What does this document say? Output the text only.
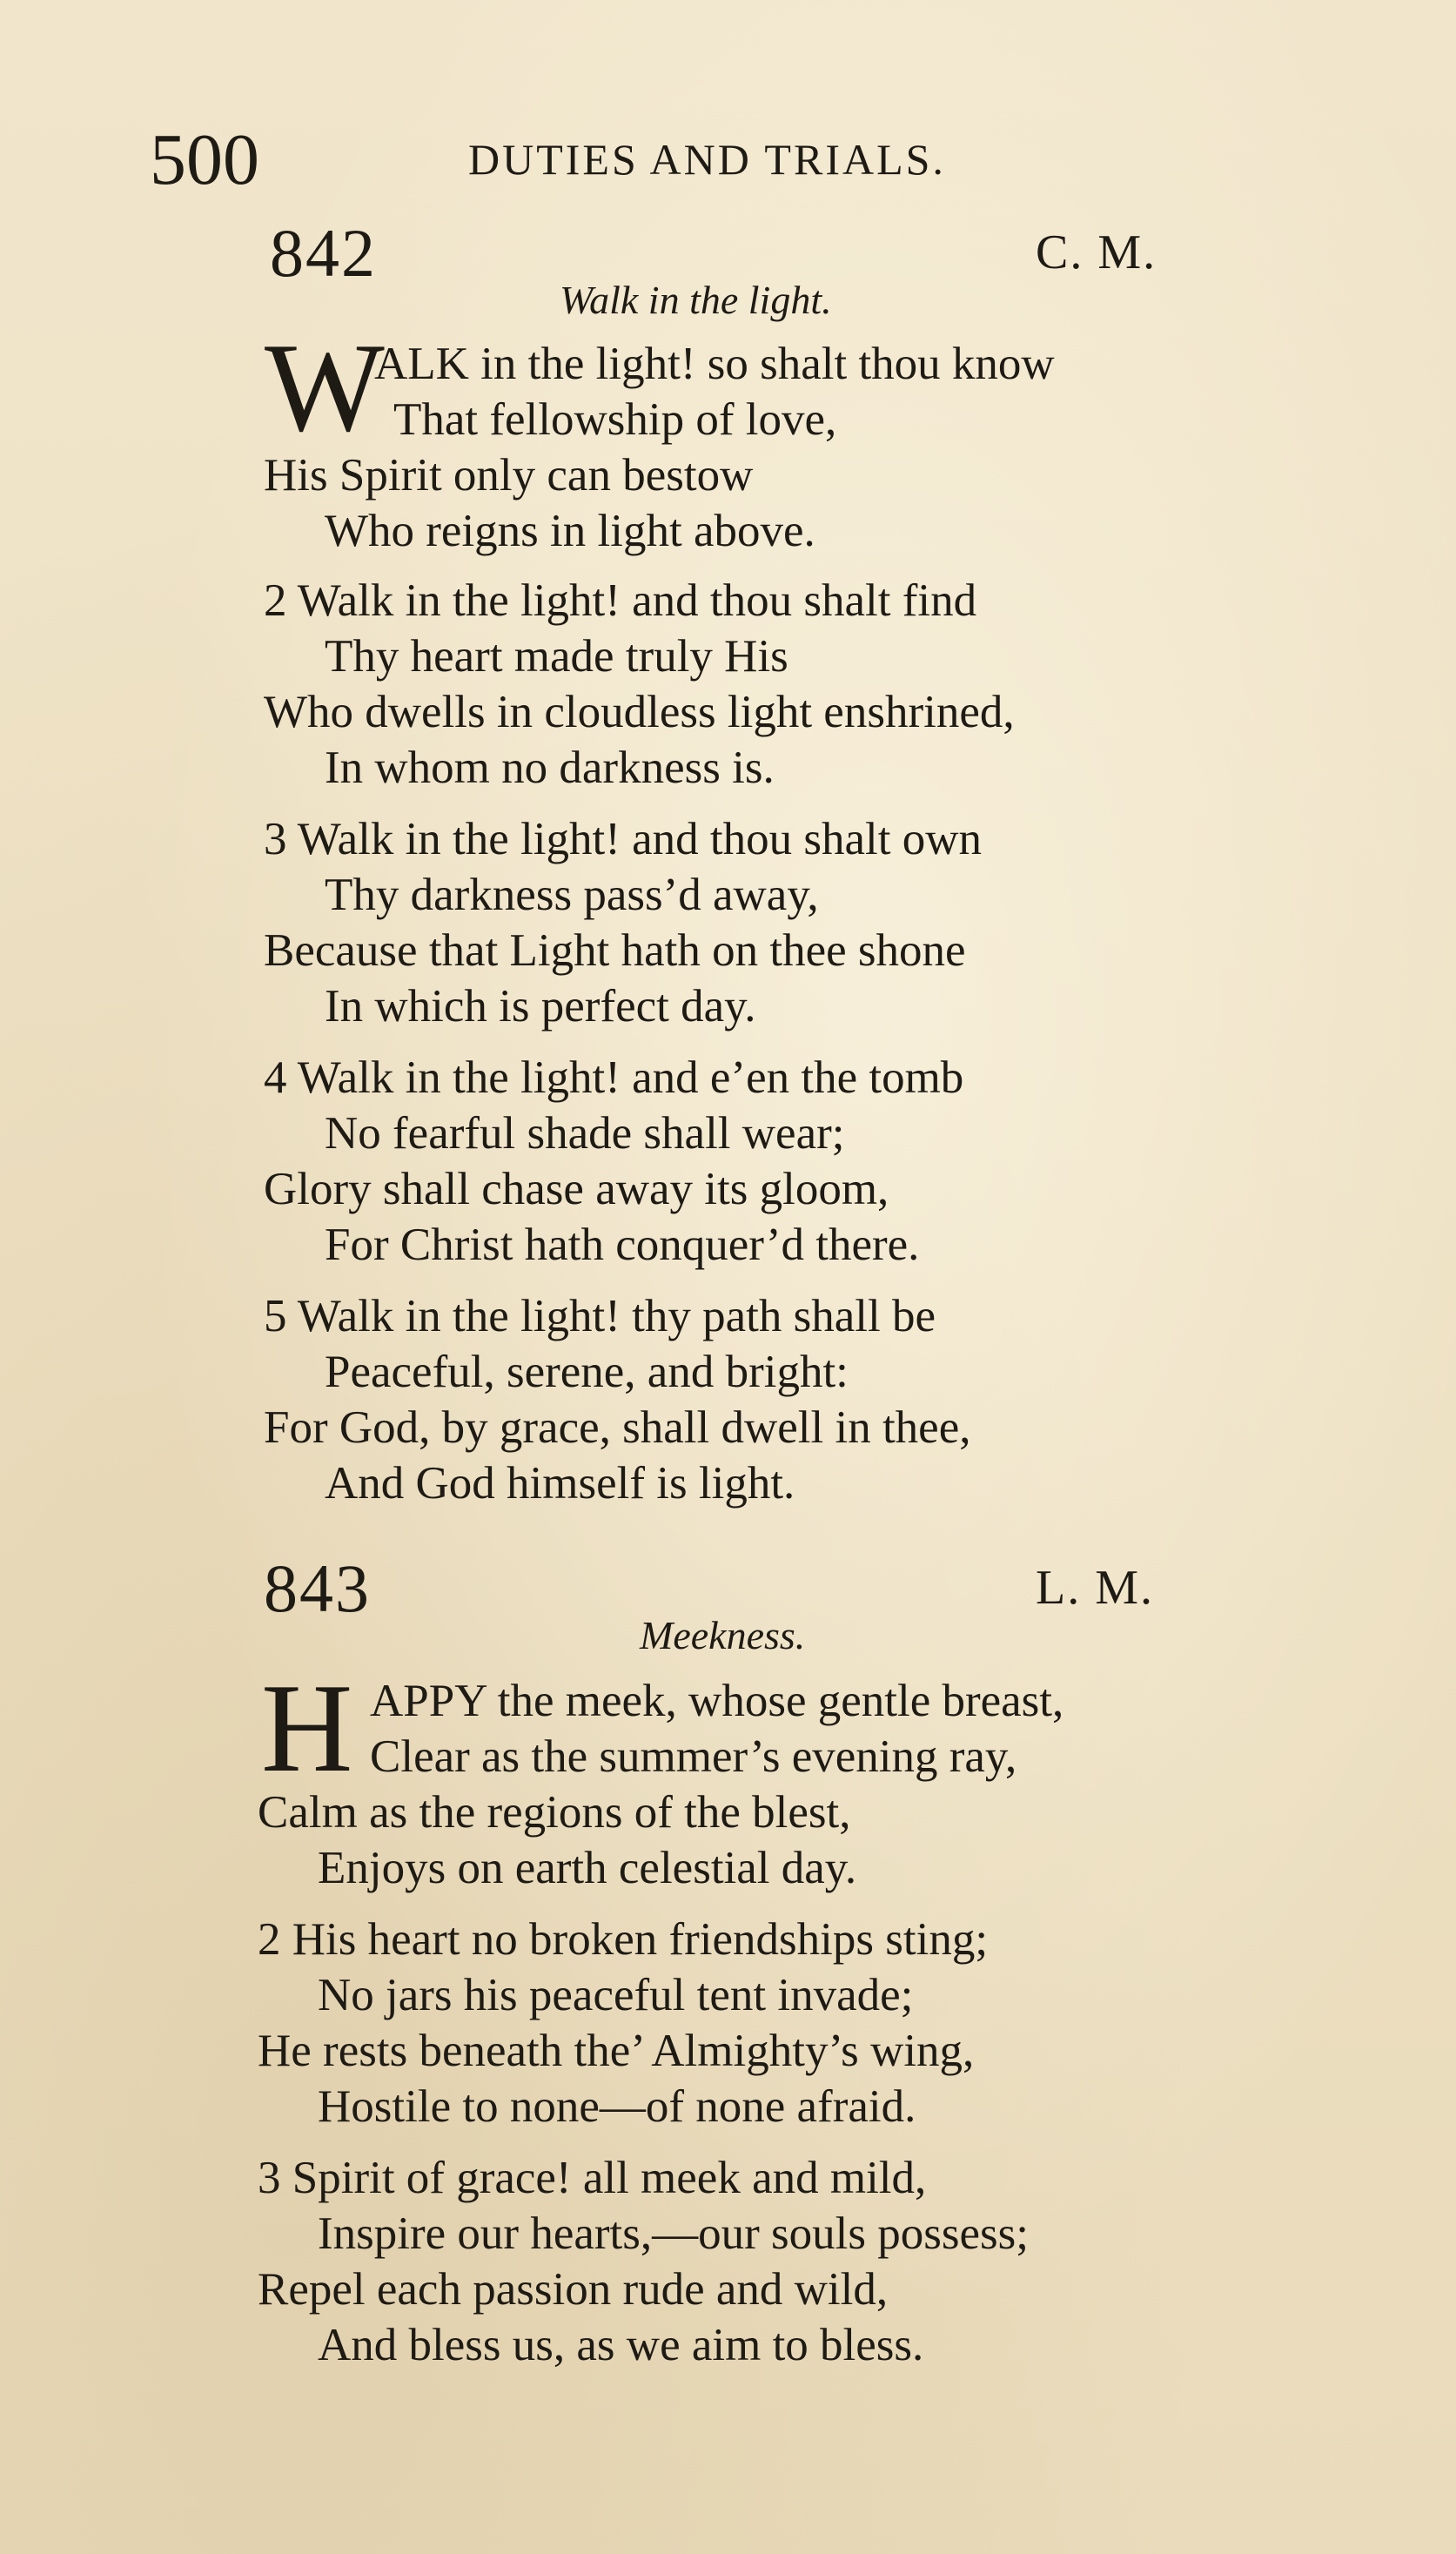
500	DUTIES AND TRIALS.
842	C. M.
Walk in the light.
W
ALK in the light! so shalt thou know
That fellowship of love,
His Spirit only can bestow
Who reigns in light above.
2 Walk in the light! and thou shalt find
Thy heart made truly His
Who dwells in cloudless light enshrined,
In whom no darkness is.
3 Walk in the light! and thou shalt own
Thy darkness pass’d away,
Because that Light hath on thee shone
In which is perfect day.
4 Walk in the light! and e’en the tomb
No fearful shade shall wear;
Glory shall chase away its gloom,
For Christ hath conquer’d there.
5 Walk in the light! thy path shall be
Peaceful, serene, and bright:
For God, by grace, shall dwell in thee,
And God himself is light.
843	L. M.
Meekness.
H APPY the meek, whose gentle breast,
Clear as the summer’s evening ray,
Calm as the regions of the blest,
Enjoys on earth celestial day.
2 His heart no broken friendships sting;
No jars his peaceful tent invade;
He rests beneath the’ Almighty’s wing,
Hostile to none—of none afraid.
3 Spirit of grace! all meek and mild,
Inspire our hearts,—our souls possess;
Repel each passion rude and wild,
And bless us, as we aim to bless.
